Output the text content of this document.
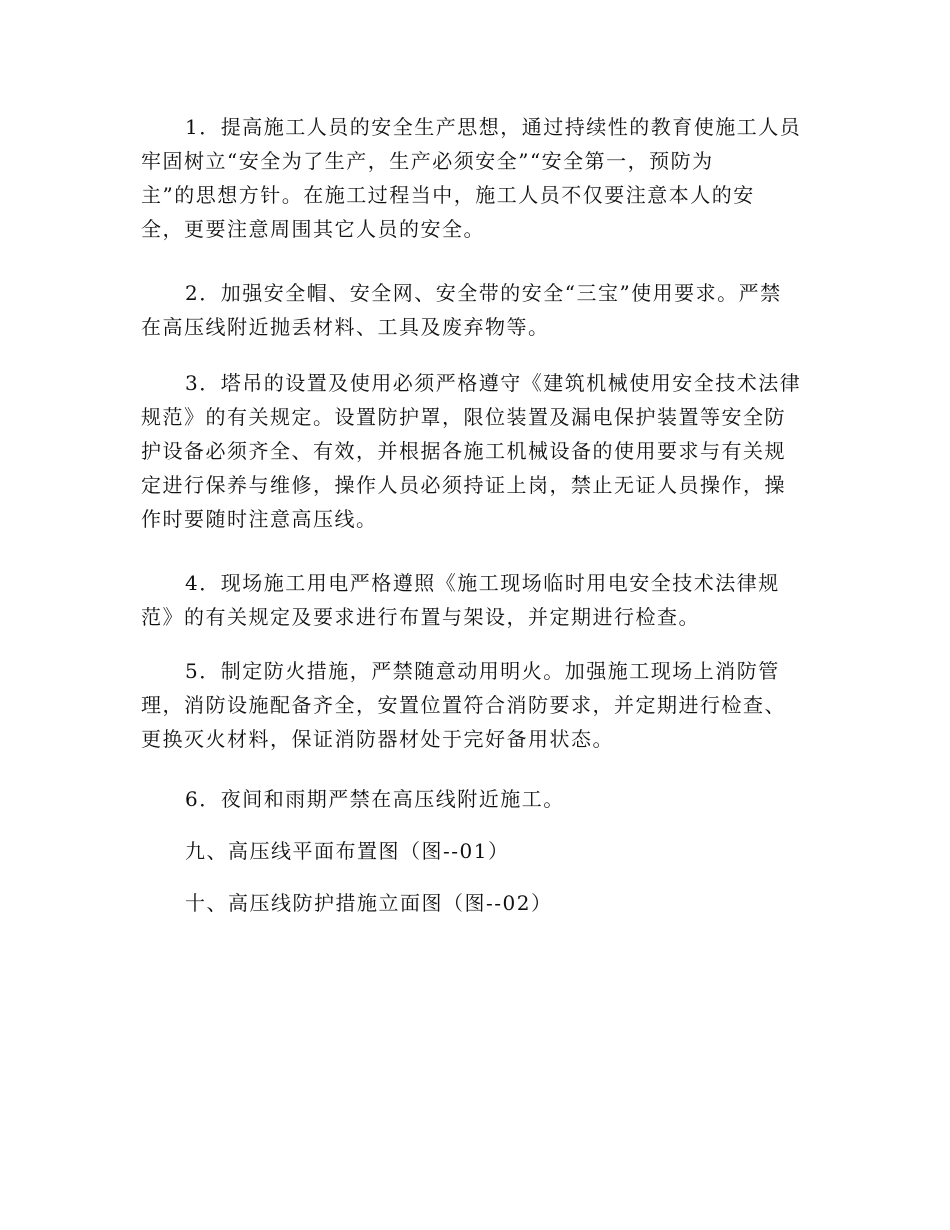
1．提高施工人员的安全生产思想，通过持续性的教育使施工人员
牢固树立“安全为了生产，生产必须安全”“安全第一，预防为
主”的思想方针。在施工过程当中，施工人员不仅要注意本人的安
全，更要注意周围其它人员的安全。
2．加强安全帽、安全网、安全带的安全“三宝”使用要求。严禁
在高压线附近抛丢材料、工具及废弃物等。
3．塔吊的设置及使用必须严格遵守《建筑机械使用安全技术法律
规范》的有关规定。设置防护罩，限位装置及漏电保护装置等安全防
护设备必须齐全、有效，并根据各施工机械设备的使用要求与有关规
定进行保养与维修，操作人员必须持证上岗，禁止无证人员操作，操
作时要随时注意高压线。
4．现场施工用电严格遵照《施工现场临时用电安全技术法律规
范》的有关规定及要求进行布置与架设，并定期进行检查。
5．制定防火措施，严禁随意动用明火。加强施工现场上消防管
理，消防设施配备齐全，安置位置符合消防要求，并定期进行检查、
更换灭火材料，保证消防器材处于完好备用状态。
6．夜间和雨期严禁在高压线附近施工。
九、高压线平面布置图（图--01）
十、高压线防护措施立面图（图--02）
